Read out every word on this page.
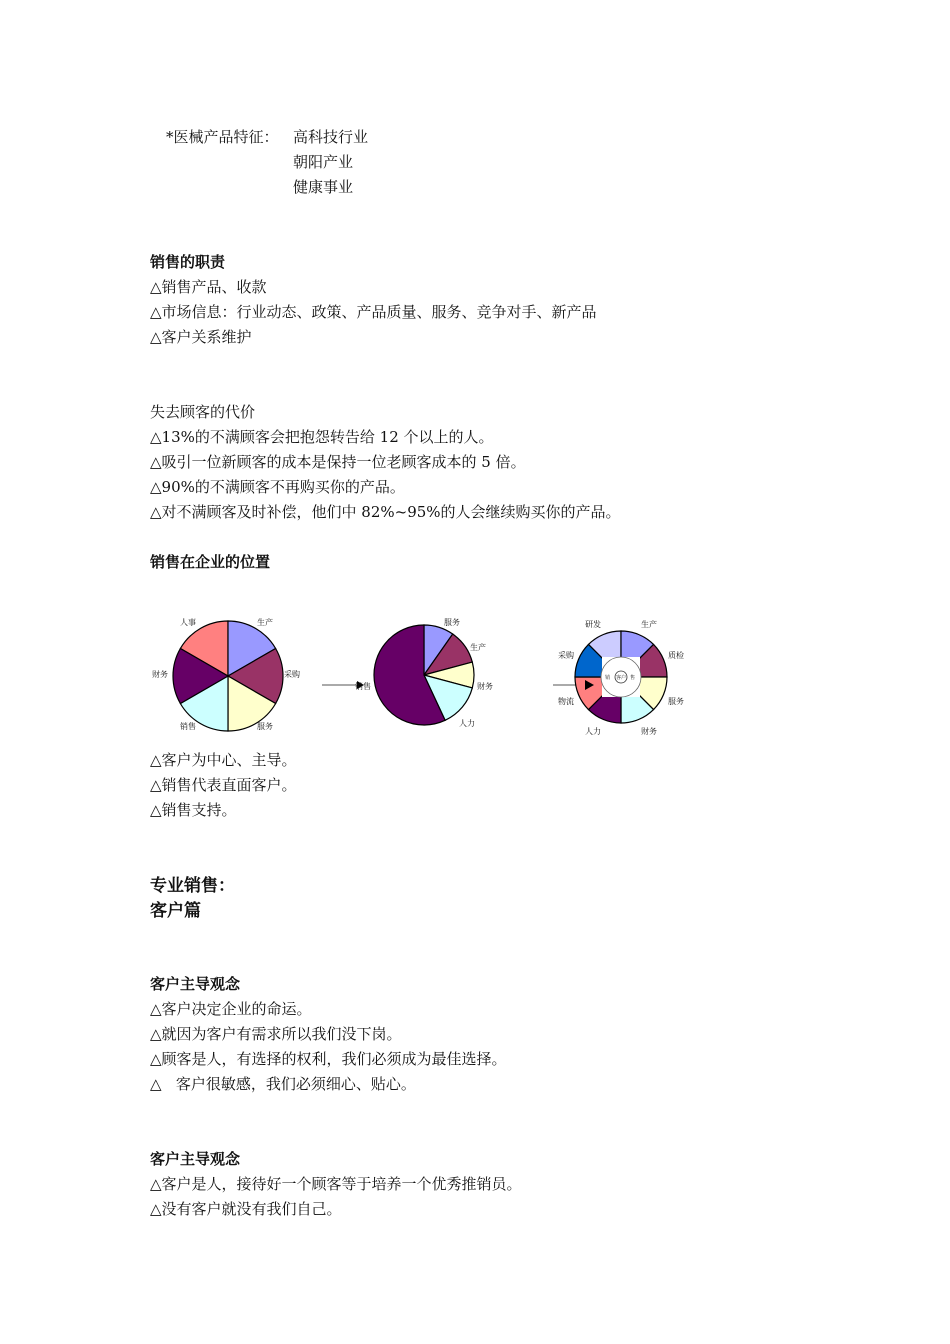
*医械产品特征： 高科技行业
朝阳产业
健康事业
销售的职责
△销售产品、收款
△市场信息：行业动态、政策、产品质量、服务、竞争对手、新产品
△客户关系维护
失去顾客的代价
△13%的不满顾客会把抱怨转告给 12 个以上的人。
△吸引一位新顾客的成本是保持一位老顾客成本的 5 倍。
△90%的不满顾客不再购买你的产品。
△对不满顾客及时补偿，他们中 82%~95%的人会继续购买你的产品。
销售在企业的位置
人事	生产
采购
服务
销售
财务
服务
生产
财务
人力
销售
研发	生产
质检
服务
财务
人力
物流
采购
销 客户 售
△客户为中心、主导。
△销售代表直面客户。
△销售支持。
专业销售：
客户篇
客户主导观念
△客户决定企业的命运。
△就因为客户有需求所以我们没下岗。
△顾客是人，有选择的权利，我们必须成为最佳选择。
△   客户很敏感，我们必须细心、贴心。
客户主导观念
△客户是人，接待好一个顾客等于培养一个优秀推销员。
△没有客户就没有我们自己。
